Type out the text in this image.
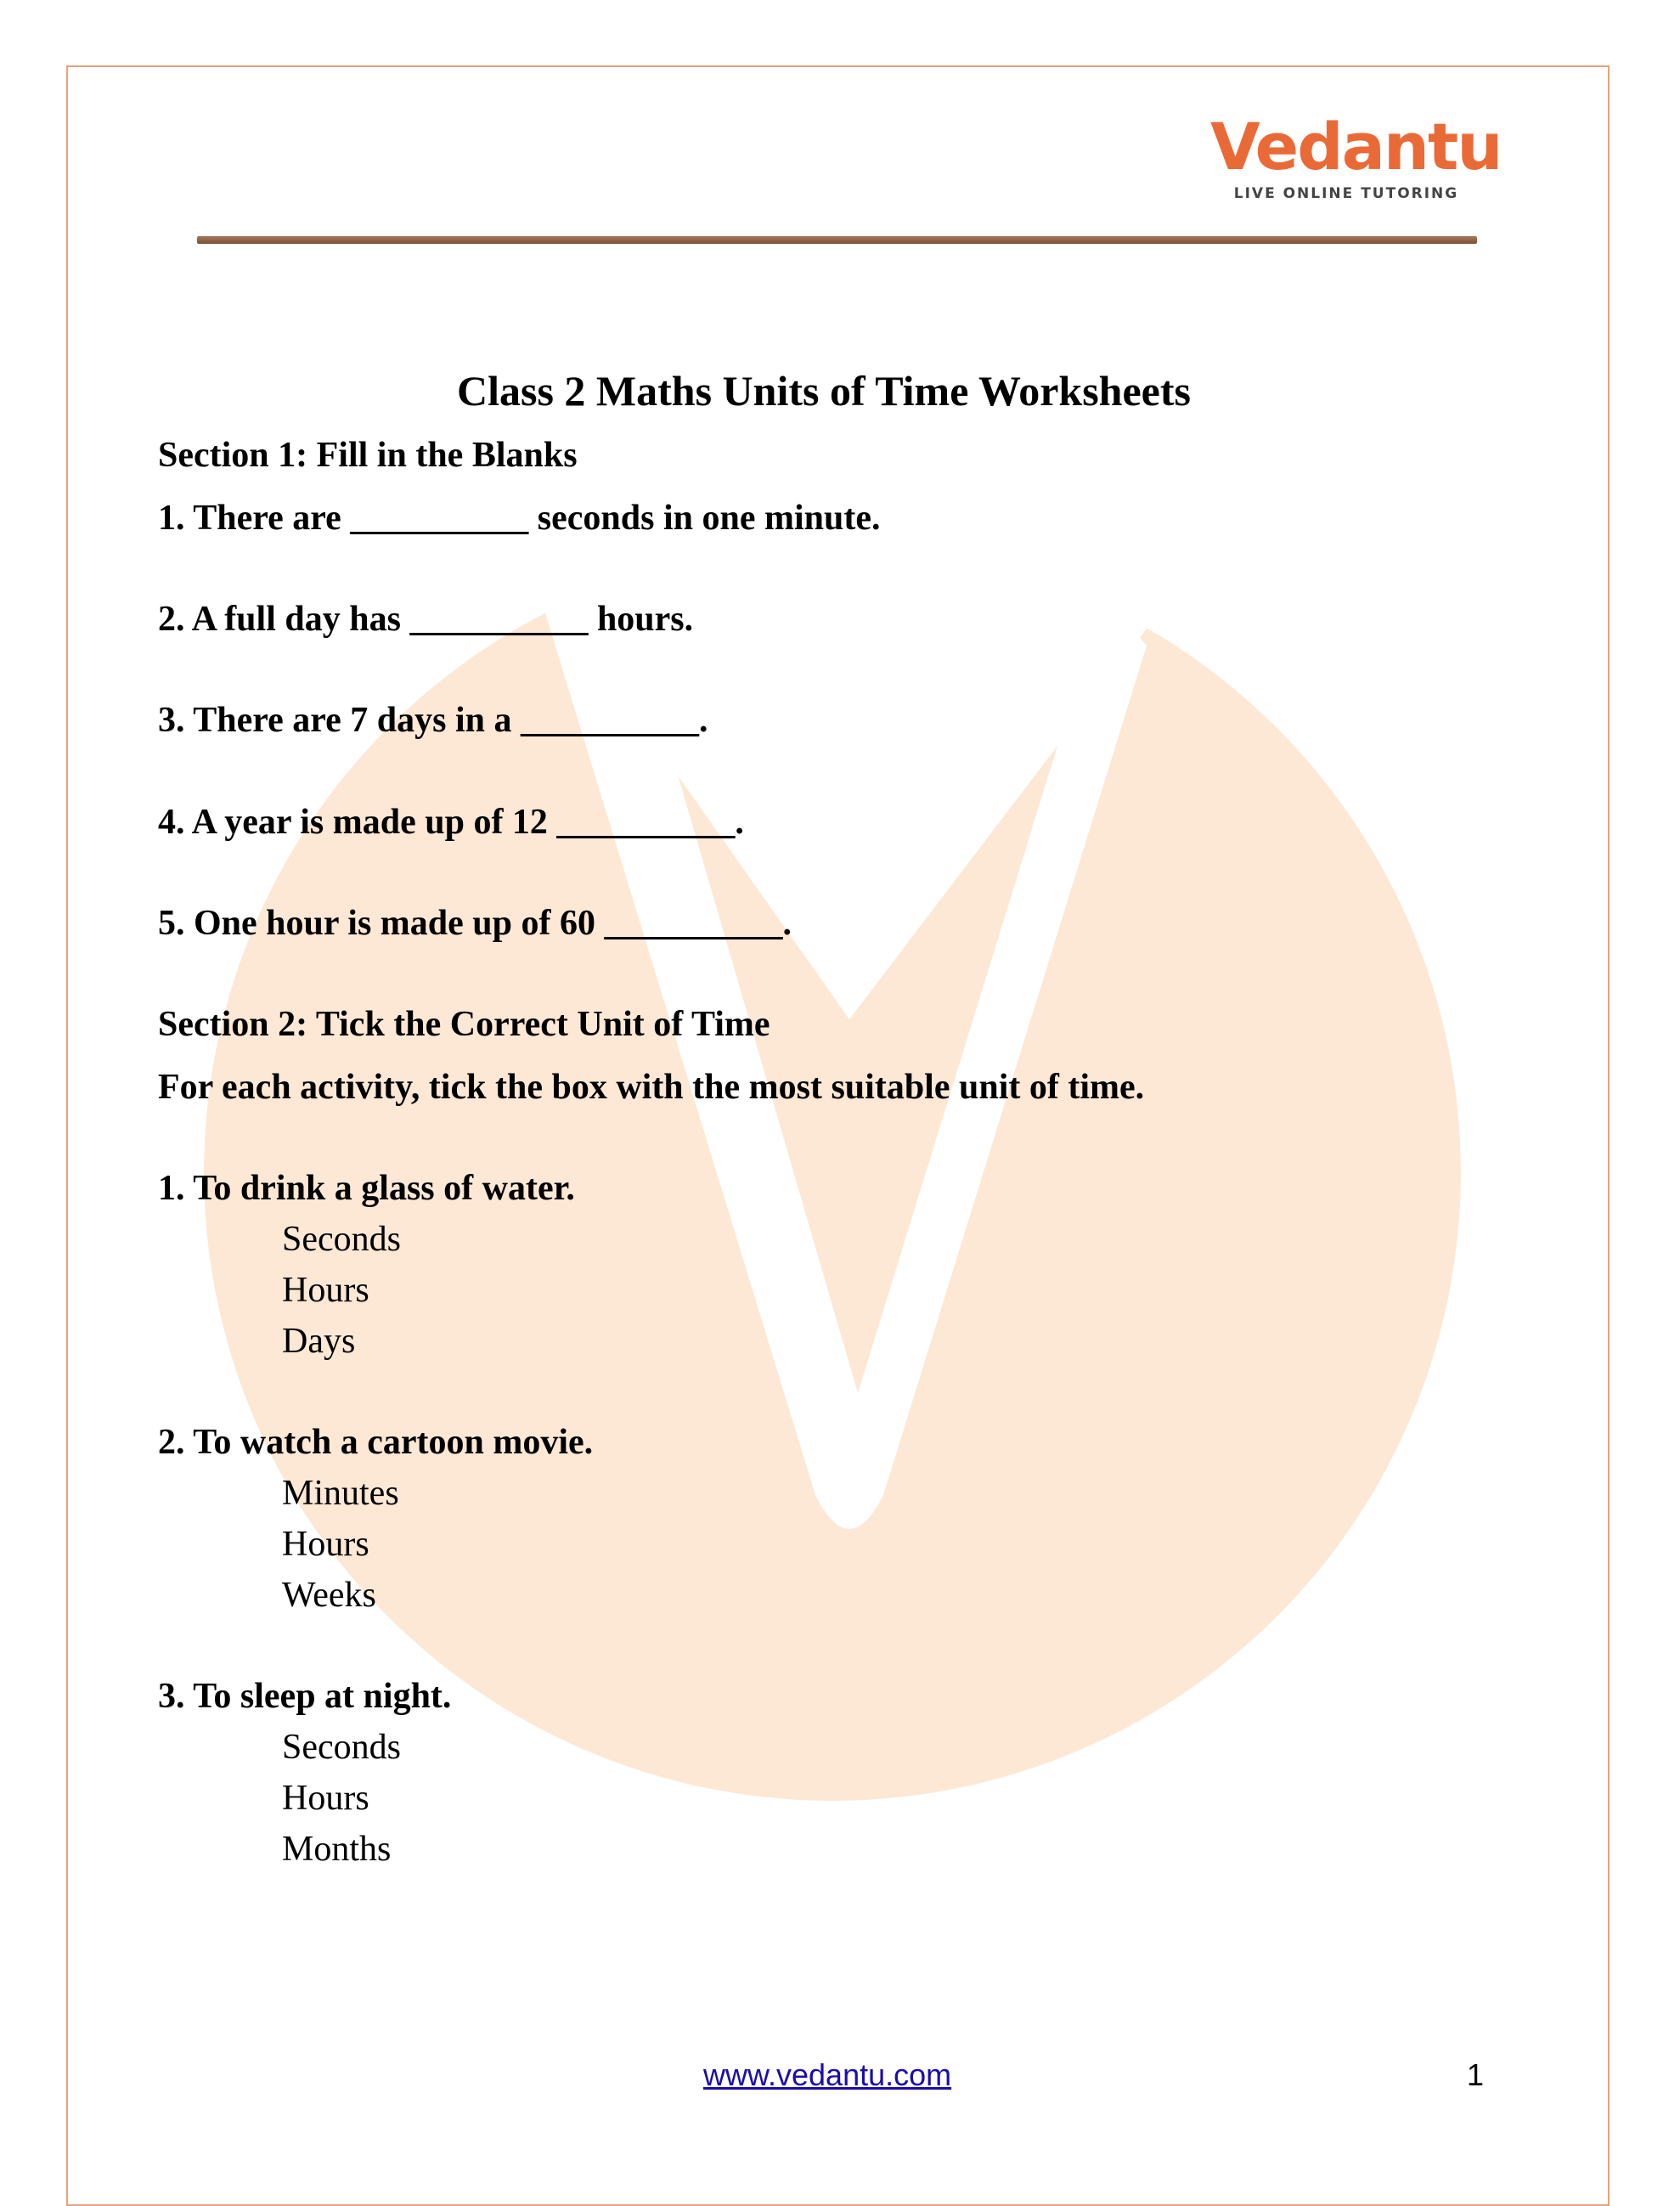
Vedantu
LIVE ONLINE TUTORING
Class 2 Maths Units of Time Worksheets
Section 1: Fill in the Blanks
1. There are __________ seconds in one minute.
2. A full day has __________ hours.
3. There are 7 days in a __________.
4. A year is made up of 12 __________.
5. One hour is made up of 60 __________.
Section 2: Tick the Correct Unit of Time
For each activity, tick the box with the most suitable unit of time.
1. To drink a glass of water.
Seconds
Hours
Days
2. To watch a cartoon movie.
Minutes
Hours
Weeks
3. To sleep at night.
Seconds
Hours
Months
www.vedantu.com	1
